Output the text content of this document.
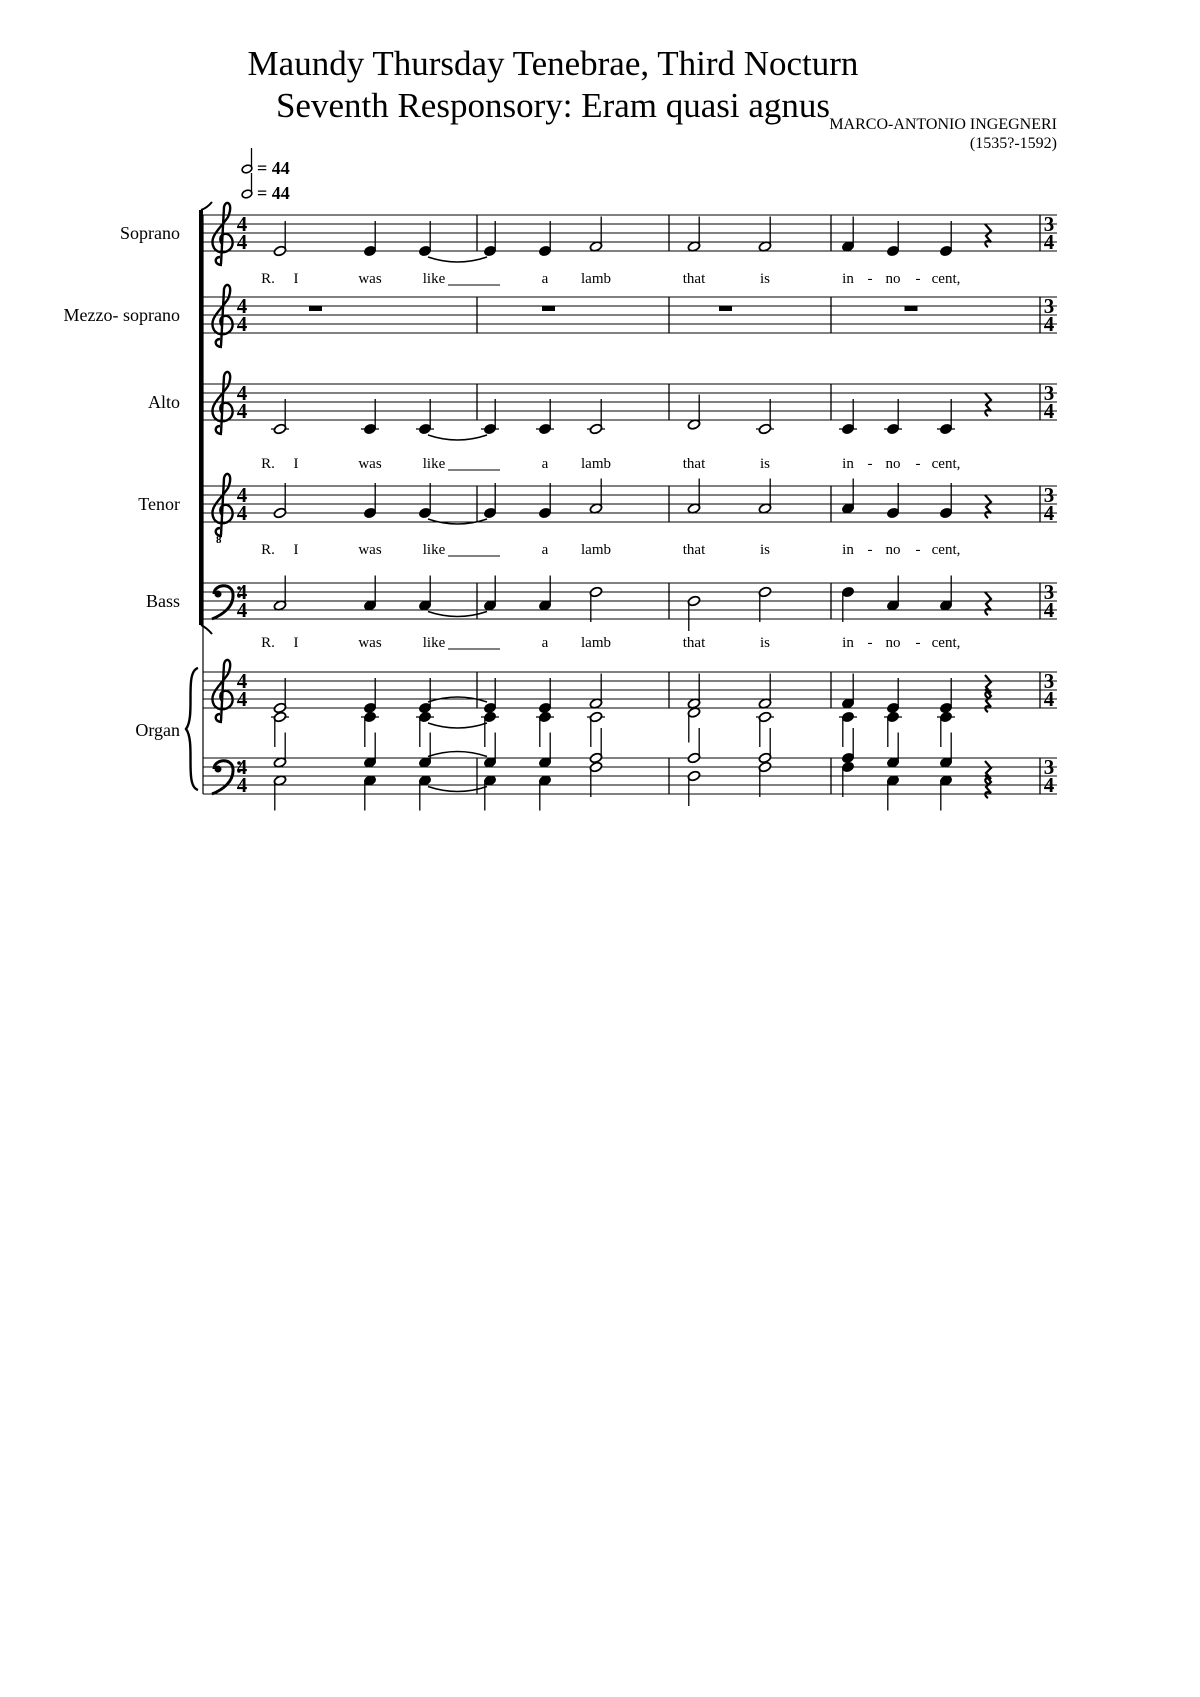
Maundy Thursday Tenebrae, Third Nocturn
Seventh Responsory: Eram quasi agnus MARCO-ANTONIO INGEGNERI
(1535?-1592)
= 44
= 44
Organ
Soprano	4
4
3
4
R. I	was	like	a lamb	that	is	in - no - cent,
Mezzo- soprano	4
4
3
4
Alto	4
4
3
4
R. I	was	like	a lamb	that	is	in - no - cent,
Tenor
8
4
4
3
4
R. I	was	like	a lamb	that	is	in - no - cent,
Bass	4
4
3
4
R. I	was	like	a lamb	that	is	in - no - cent,
4
4
3
4
4
4
3
4
